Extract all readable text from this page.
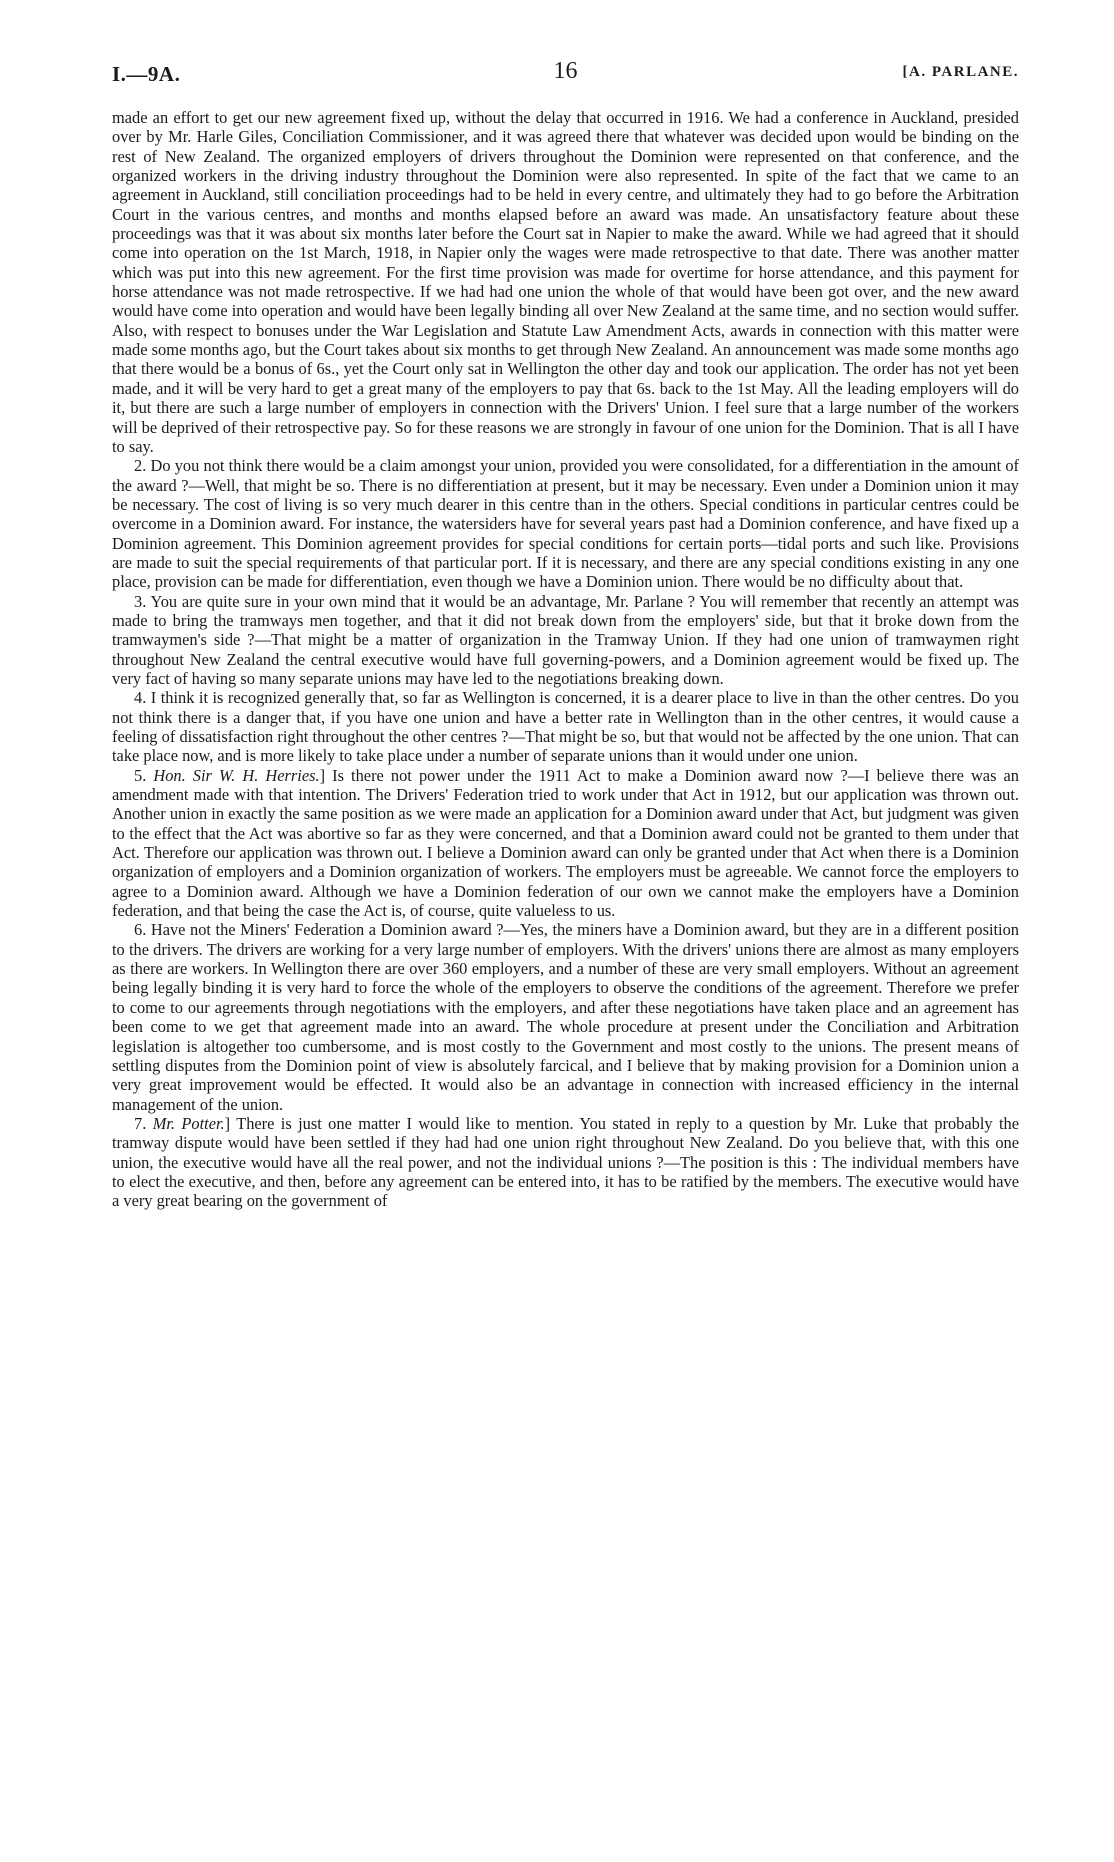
I.—9A.	16	[A. PARLANE.

made an effort to get our new agreement fixed up, without the delay that occurred in 1916. We had a conference in Auckland, presided over by Mr. Harle Giles, Conciliation Commissioner, and it was agreed there that whatever was decided upon would be binding on the rest of New Zealand. The organized employers of drivers throughout the Dominion were represented on that conference, and the organized workers in the driving industry throughout the Dominion were also represented. In spite of the fact that we came to an agreement in Auckland, still conciliation proceedings had to be held in every centre, and ultimately they had to go before the Arbitration Court in the various centres, and months and months elapsed before an award was made. An unsatisfactory feature about these proceedings was that it was about six months later before the Court sat in Napier to make the award. While we had agreed that it should come into operation on the 1st March, 1918, in Napier only the wages were made retrospective to that date. There was another matter which was put into this new agreement. For the first time provision was made for overtime for horse attendance, and this payment for horse attendance was not made retrospective. If we had had one union the whole of that would have been got over, and the new award would have come into operation and would have been legally binding all over New Zealand at the same time, and no section would suffer. Also, with respect to bonuses under the War Legislation and Statute Law Amendment Acts, awards in connection with this matter were made some months ago, but the Court takes about six months to get through New Zealand. An announcement was made some months ago that there would be a bonus of 6s., yet the Court only sat in Wellington the other day and took our application. The order has not yet been made, and it will be very hard to get a great many of the employers to pay that 6s. back to the 1st May. All the leading employers will do it, but there are such a large number of employers in connection with the Drivers' Union. I feel sure that a large number of the workers will be deprived of their retrospective pay. So for these reasons we are strongly in favour of one union for the Dominion. That is all I have to say.

2. Do you not think there would be a claim amongst your union, provided you were consolidated, for a differentiation in the amount of the award ?—Well, that might be so. There is no differentiation at present, but it may be necessary. Even under a Dominion union it may be necessary. The cost of living is so very much dearer in this centre than in the others. Special conditions in particular centres could be overcome in a Dominion award. For instance, the watersiders have for several years past had a Dominion conference, and have fixed up a Dominion agreement. This Dominion agreement provides for special conditions for certain ports—tidal ports and such like. Provisions are made to suit the special requirements of that particular port. If it is necessary, and there are any special conditions existing in any one place, provision can be made for differentiation, even though we have a Dominion union. There would be no difficulty about that.

3. You are quite sure in your own mind that it would be an advantage, Mr. Parlane ? You will remember that recently an attempt was made to bring the tramways men together, and that it did not break down from the employers' side, but that it broke down from the tramwaymen's side ?—That might be a matter of organization in the Tramway Union. If they had one union of tramwaymen right throughout New Zealand the central executive would have full governing-powers, and a Dominion agreement would be fixed up. The very fact of having so many separate unions may have led to the negotiations breaking down.

4. I think it is recognized generally that, so far as Wellington is concerned, it is a dearer place to live in than the other centres. Do you not think there is a danger that, if you have one union and have a better rate in Wellington than in the other centres, it would cause a feeling of dissatisfaction right throughout the other centres ?—That might be so, but that would not be affected by the one union. That can take place now, and is more likely to take place under a number of separate unions than it would under one union.

5. Hon. Sir W. H. Herries.] Is there not power under the 1911 Act to make a Dominion award now ?—I believe there was an amendment made with that intention. The Drivers' Federation tried to work under that Act in 1912, but our application was thrown out. Another union in exactly the same position as we were made an application for a Dominion award under that Act, but judgment was given to the effect that the Act was abortive so far as they were concerned, and that a Dominion award could not be granted to them under that Act. Therefore our application was thrown out. I believe a Dominion award can only be granted under that Act when there is a Dominion organization of employers and a Dominion organization of workers. The employers must be agreeable. We cannot force the employers to agree to a Dominion award. Although we have a Dominion federation of our own we cannot make the employers have a Dominion federation, and that being the case the Act is, of course, quite valueless to us.

6. Have not the Miners' Federation a Dominion award ?—Yes, the miners have a Dominion award, but they are in a different position to the drivers. The drivers are working for a very large number of employers. With the drivers' unions there are almost as many employers as there are workers. In Wellington there are over 360 employers, and a number of these are very small employers. Without an agreement being legally binding it is very hard to force the whole of the employers to observe the conditions of the agreement. Therefore we prefer to come to our agreements through negotiations with the employers, and after these negotiations have taken place and an agreement has been come to we get that agreement made into an award. The whole procedure at present under the Conciliation and Arbitration legislation is altogether too cumbersome, and is most costly to the Government and most costly to the unions. The present means of settling disputes from the Dominion point of view is absolutely farcical, and I believe that by making provision for a Dominion union a very great improvement would be effected. It would also be an advantage in connection with increased efficiency in the internal management of the union.

7. Mr. Potter.] There is just one matter I would like to mention. You stated in reply to a question by Mr. Luke that probably the tramway dispute would have been settled if they had had one union right throughout New Zealand. Do you believe that, with this one union, the executive would have all the real power, and not the individual unions ?—The position is this : The individual members have to elect the executive, and then, before any agreement can be entered into, it has to be ratified by the members. The executive would have a very great bearing on the government of
